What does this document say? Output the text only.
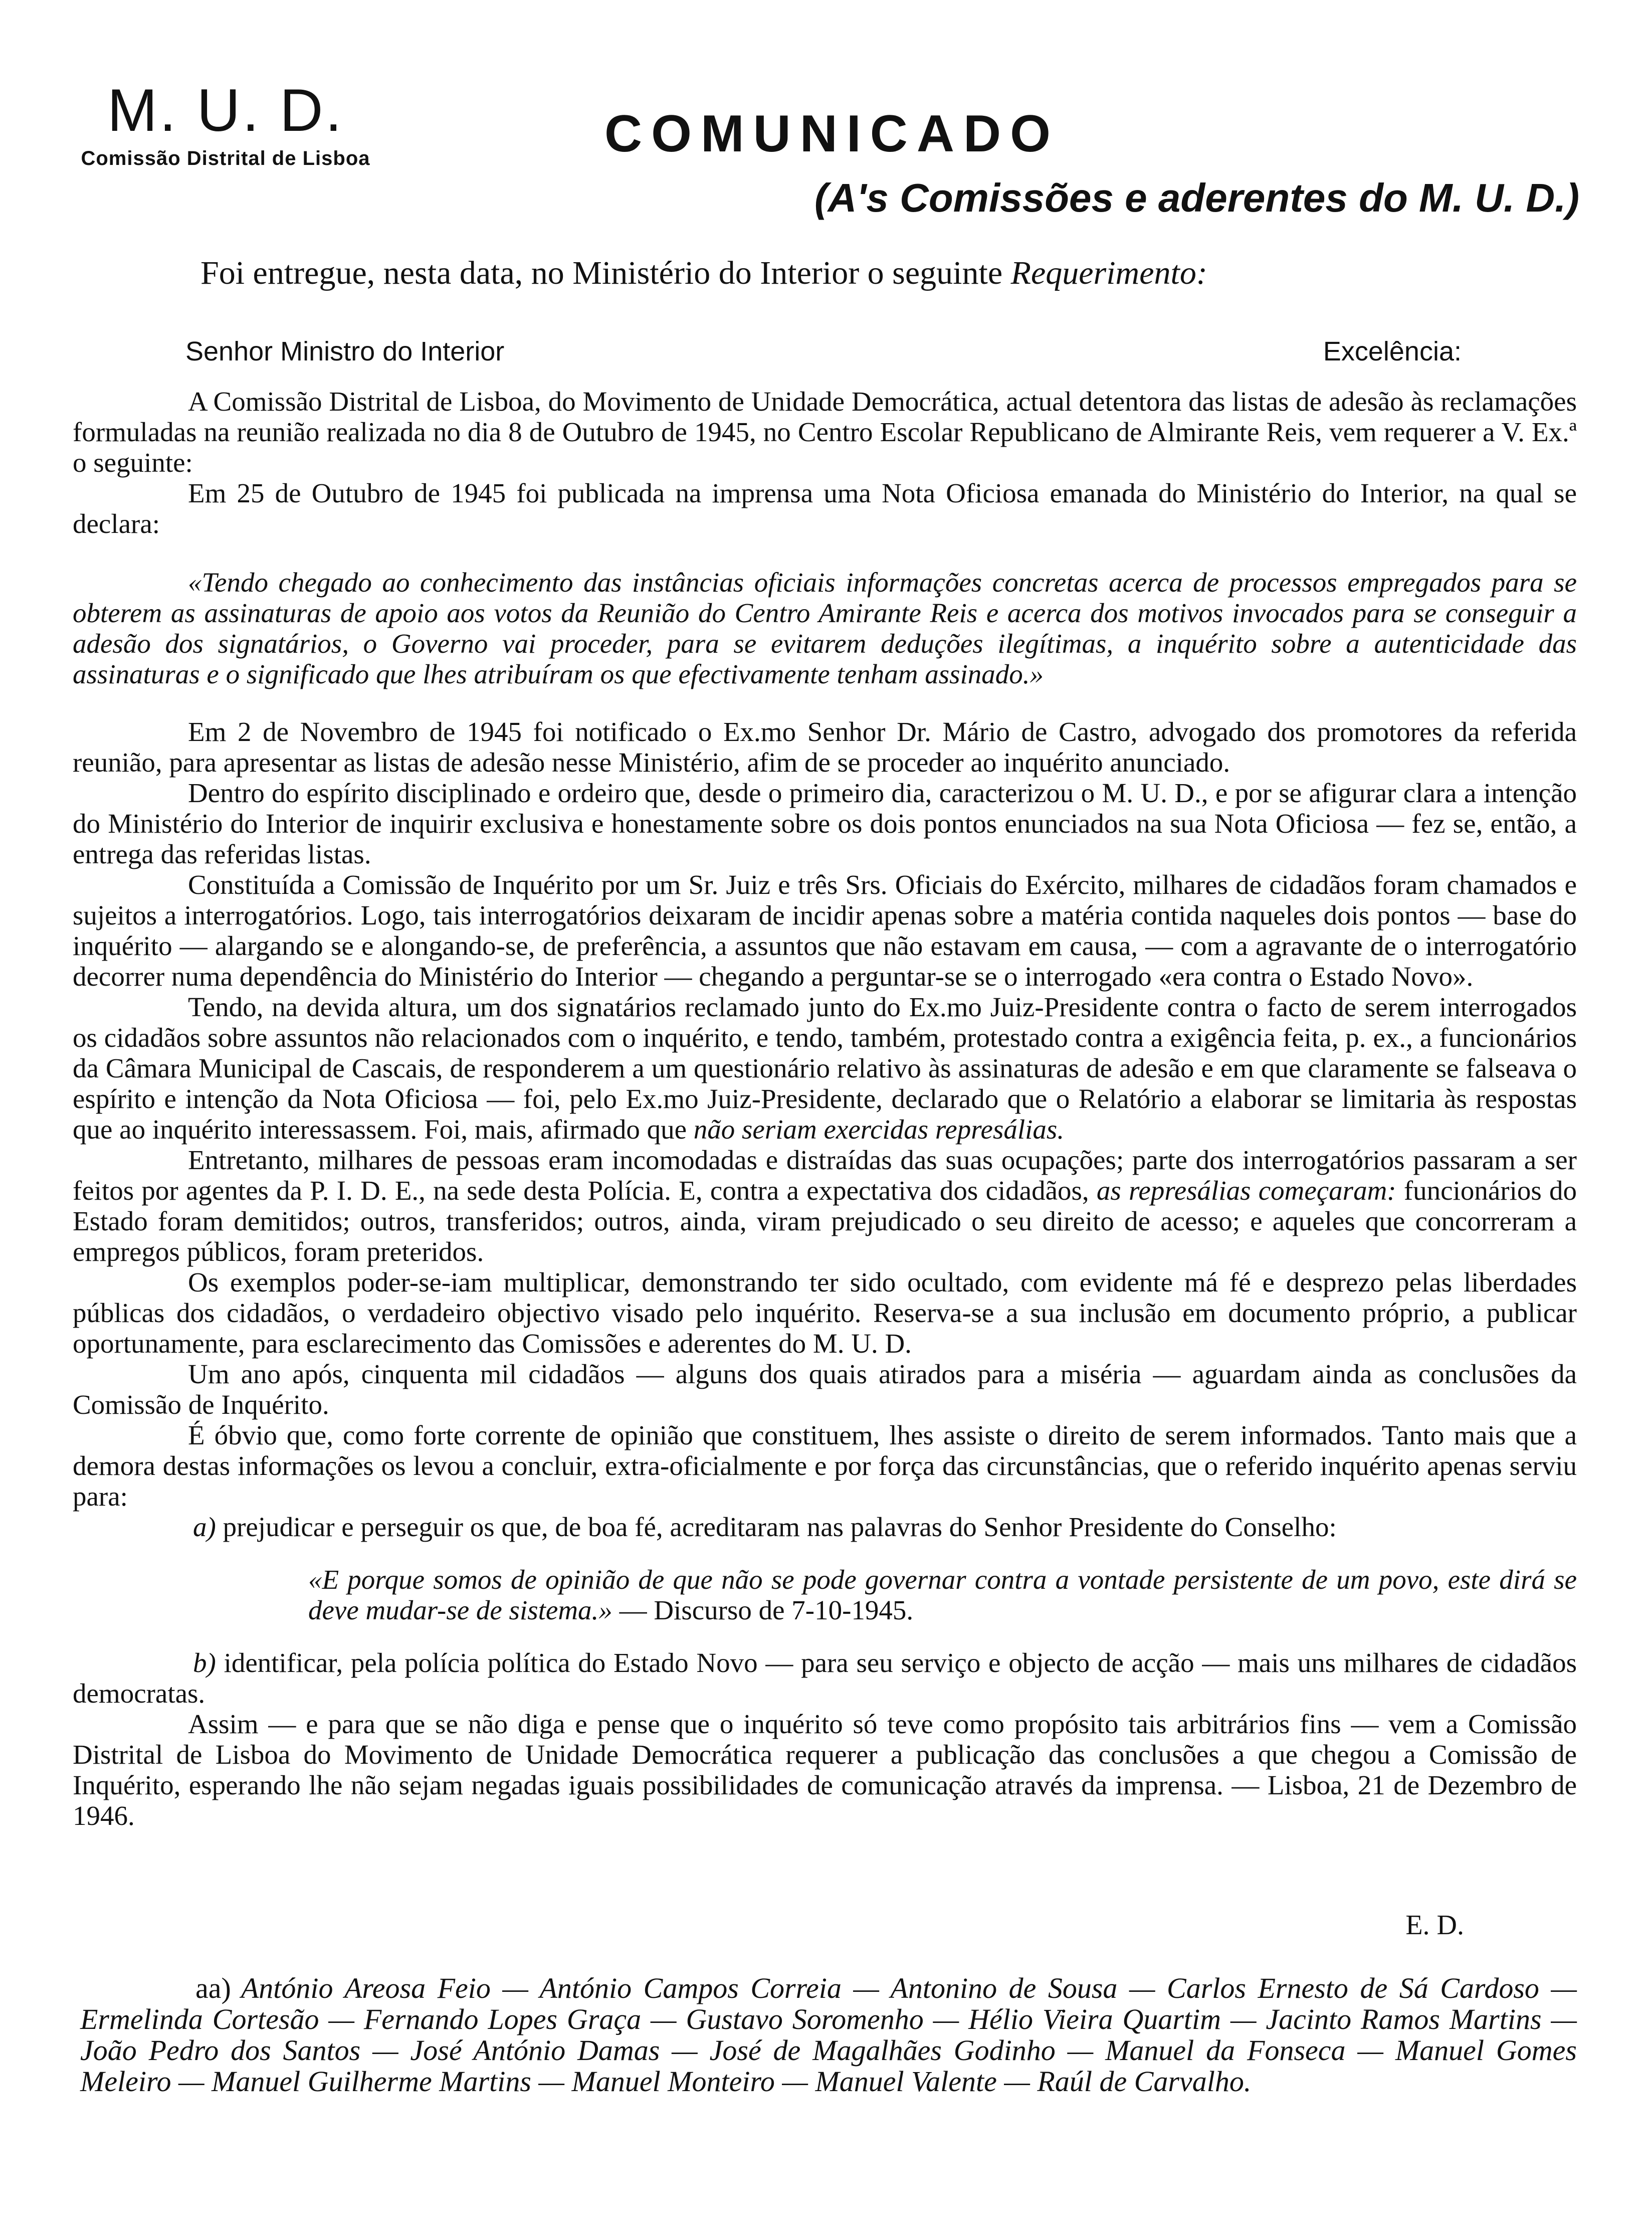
M. U. D.
Comissão Distrital de Lisboa	COMUNICADO
(A's Comissões e aderentes do M. U. D.)
Foi entregue, nesta data, no Ministério do Interior o seguinte Requerimento:
Senhor Ministro do Interior	Excelência:

A Comissão Distrital de Lisboa, do Movimento de Unidade Democrática, actual detentora das listas de adesão às reclamações formuladas na reunião realizada no dia 8 de Outubro de 1945, no Centro Escolar Republicano de Almirante Reis, vem requerer a V. Ex.ª o seguinte:

Em 25 de Outubro de 1945 foi publicada na imprensa uma Nota Oficiosa emanada do Ministério do Interior, na qual se declara:

«Tendo chegado ao conhecimento das instâncias oficiais informações concretas acerca de processos empregados para se obterem as assinaturas de apoio aos votos da Reunião do Centro Amirante Reis e acerca dos motivos invocados para se conseguir a adesão dos signatários, o Governo vai proceder, para se evitarem deduções ilegítimas, a inquérito sobre a autenticidade das assinaturas e o significado que lhes atribuíram os que efectivamente tenham assinado.»

Em 2 de Novembro de 1945 foi notificado o Ex.mo Senhor Dr. Mário de Castro, advogado dos promotores da referida reunião, para apresentar as listas de adesão nesse Ministério, afim de se proceder ao inquérito anunciado.

Dentro do espírito disciplinado e ordeiro que, desde o primeiro dia, caracterizou o M. U. D., e por se afigurar clara a intenção do Ministério do Interior de inquirir exclusiva e honestamente sobre os dois pontos enunciados na sua Nota Oficiosa — fez se, então, a entrega das referidas listas.

Constituída a Comissão de Inquérito por um Sr. Juiz e três Srs. Oficiais do Exército, milhares de cidadãos foram chamados e sujeitos a interrogatórios. Logo, tais interrogatórios deixaram de incidir apenas sobre a matéria contida naqueles dois pontos — base do inquérito — alargando se e alongando-se, de preferência, a assuntos que não estavam em causa, — com a agravante de o interrogatório decorrer numa dependência do Ministério do Interior — chegando a perguntar-se se o interrogado «era contra o Estado Novo».

Tendo, na devida altura, um dos signatários reclamado junto do Ex.mo Juiz-Presidente contra o facto de serem interrogados os cidadãos sobre assuntos não relacionados com o inquérito, e tendo, também, protestado contra a exigência feita, p. ex., a funcionários da Câmara Municipal de Cascais, de responderem a um questionário relativo às assinaturas de adesão e em que claramente se falseava o espírito e intenção da Nota Oficiosa — foi, pelo Ex.mo Juiz-Presidente, declarado que o Relatório a elaborar se limitaria às respostas que ao inquérito interessassem. Foi, mais, afirmado que não seriam exercidas represálias.

Entretanto, milhares de pessoas eram incomodadas e distraídas das suas ocupações; parte dos interrogatórios passaram a ser feitos por agentes da P. I. D. E., na sede desta Polícia. E, contra a expectativa dos cidadãos, as represálias começaram: funcionários do Estado foram demitidos; outros, transferidos; outros, ainda, viram prejudicado o seu direito de acesso; e aqueles que concorreram a empregos públicos, foram preteridos.

Os exemplos poder-se-iam multiplicar, demonstrando ter sido ocultado, com evidente má fé e desprezo pelas liberdades públicas dos cidadãos, o verdadeiro objectivo visado pelo inquérito. Reserva-se a sua inclusão em documento próprio, a publicar oportunamente, para esclarecimento das Comissões e aderentes do M. U. D.

Um ano após, cinquenta mil cidadãos — alguns dos quais atirados para a miséria — aguardam ainda as conclusões da Comissão de Inquérito.

É óbvio que, como forte corrente de opinião que constituem, lhes assiste o direito de serem informados. Tanto mais que a demora destas informações os levou a concluir, extra-oficialmente e por força das circunstâncias, que o referido inquérito apenas serviu para:

a) prejudicar e perseguir os que, de boa fé, acreditaram nas palavras do Senhor Presidente do Conselho:

«E porque somos de opinião de que não se pode governar contra a vontade persistente de um povo, este dirá se deve mudar-se de sistema.» — Discurso de 7-10-1945.

b) identificar, pela polícia política do Estado Novo — para seu serviço e objecto de acção — mais uns milhares de cidadãos democratas.

Assim — e para que se não diga e pense que o inquérito só teve como propósito tais arbitrários fins — vem a Comissão Distrital de Lisboa do Movimento de Unidade Democrática requerer a publicação das conclusões a que chegou a Comissão de Inquérito, esperando lhe não sejam negadas iguais possibilidades de comunicação através da imprensa. — Lisboa, 21 de Dezembro de 1946.

E. D.
aa) António Areosa Feio — António Campos Correia — Antonino de Sousa — Carlos Ernesto de Sá Cardoso — Ermelinda Cortesão — Fernando Lopes Graça — Gustavo Soromenho — Hélio Vieira Quartim — Jacinto Ramos Martins — João Pedro dos Santos — José António Damas — José de Magalhães Godinho — Manuel da Fonseca — Manuel Gomes Meleiro — Manuel Guilherme Martins — Manuel Monteiro — Manuel Valente — Raúl de Carvalho.
